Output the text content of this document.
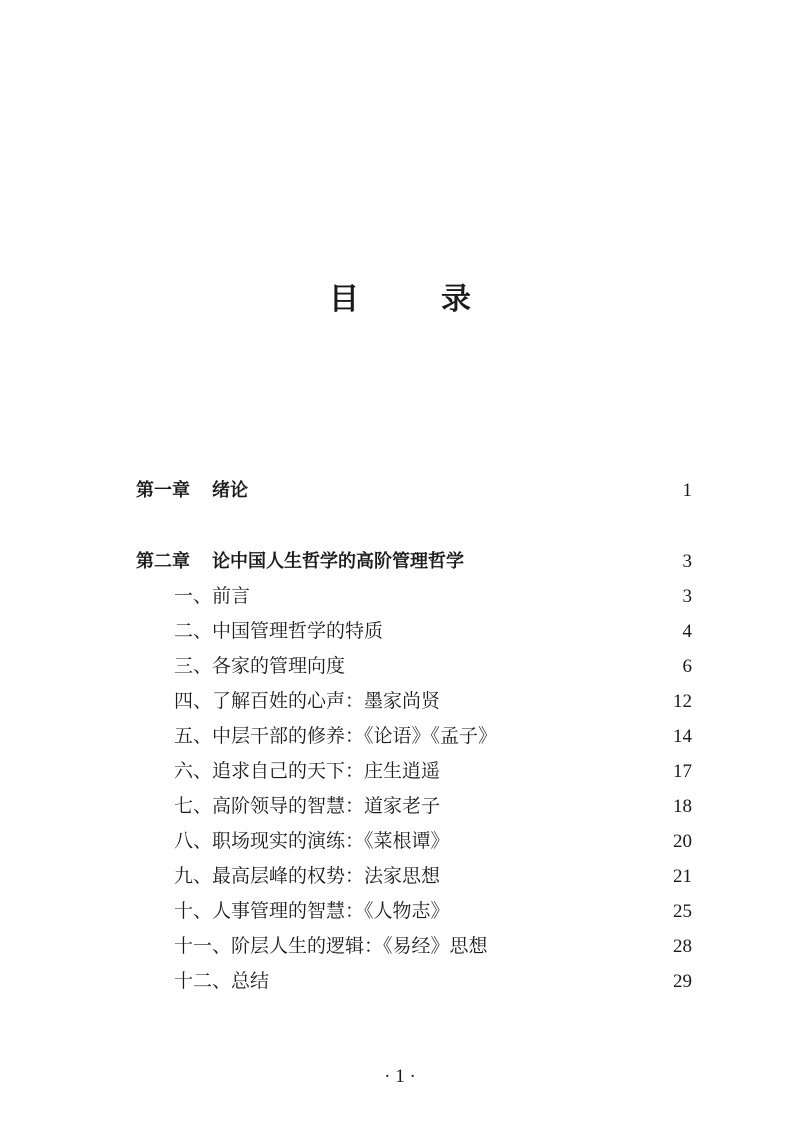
目　录
第一章 绪论	1
第二章 论中国人生哲学的高阶管理哲学	3
一、前言	3
二、中国管理哲学的特质	4
三、各家的管理向度	6
四、了解百姓的心声：墨家尚贤	12
五、中层干部的修养：《论语》《孟子》	14
六、追求自己的天下：庄生逍遥	17
七、高阶领导的智慧：道家老子	18
八、职场现实的演练：《菜根谭》	20
九、最高层峰的权势：法家思想	21
十、人事管理的智慧：《人物志》	25
十一、阶层人生的逻辑：《易经》思想	28
十二、总结	29
· 1 ·
